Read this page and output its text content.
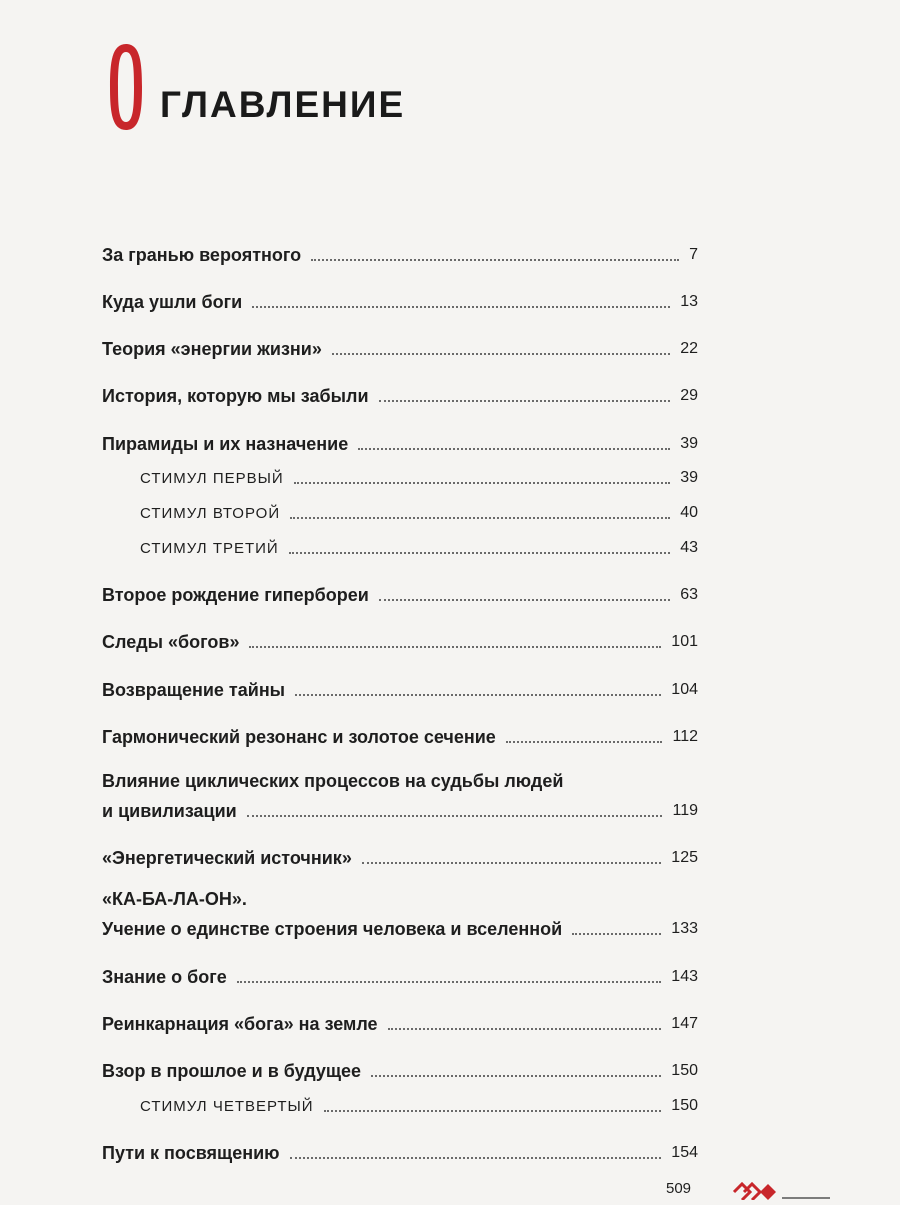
ГЛАВЛЕНИЕ
За гранью вероятного	7
Куда ушли боги	13
Теория «энергии жизни»	22
История, которую мы забыли	29
Пирамиды и их назначение	39
СТИМУЛ ПЕРВЫЙ	39
СТИМУЛ ВТОРОЙ	40
СТИМУЛ ТРЕТИЙ	43
Второе рождение гипербореи	63
Следы «богов»	101
Возвращение тайны	104
Гармонический резонанс и золотое сечение	112
Влияние циклических процессов на судьбы людей
и цивилизации	119
«Энергетический источник»	125
«КА-БА-ЛА-ОН».
Учение о единстве строения человека и вселенной	133
Знание о боге	143
Реинкарнация «бога» на земле	147
Взор в прошлое и в будущее	150
СТИМУЛ ЧЕТВЕРТЫЙ	150
Пути к посвящению	154
509
